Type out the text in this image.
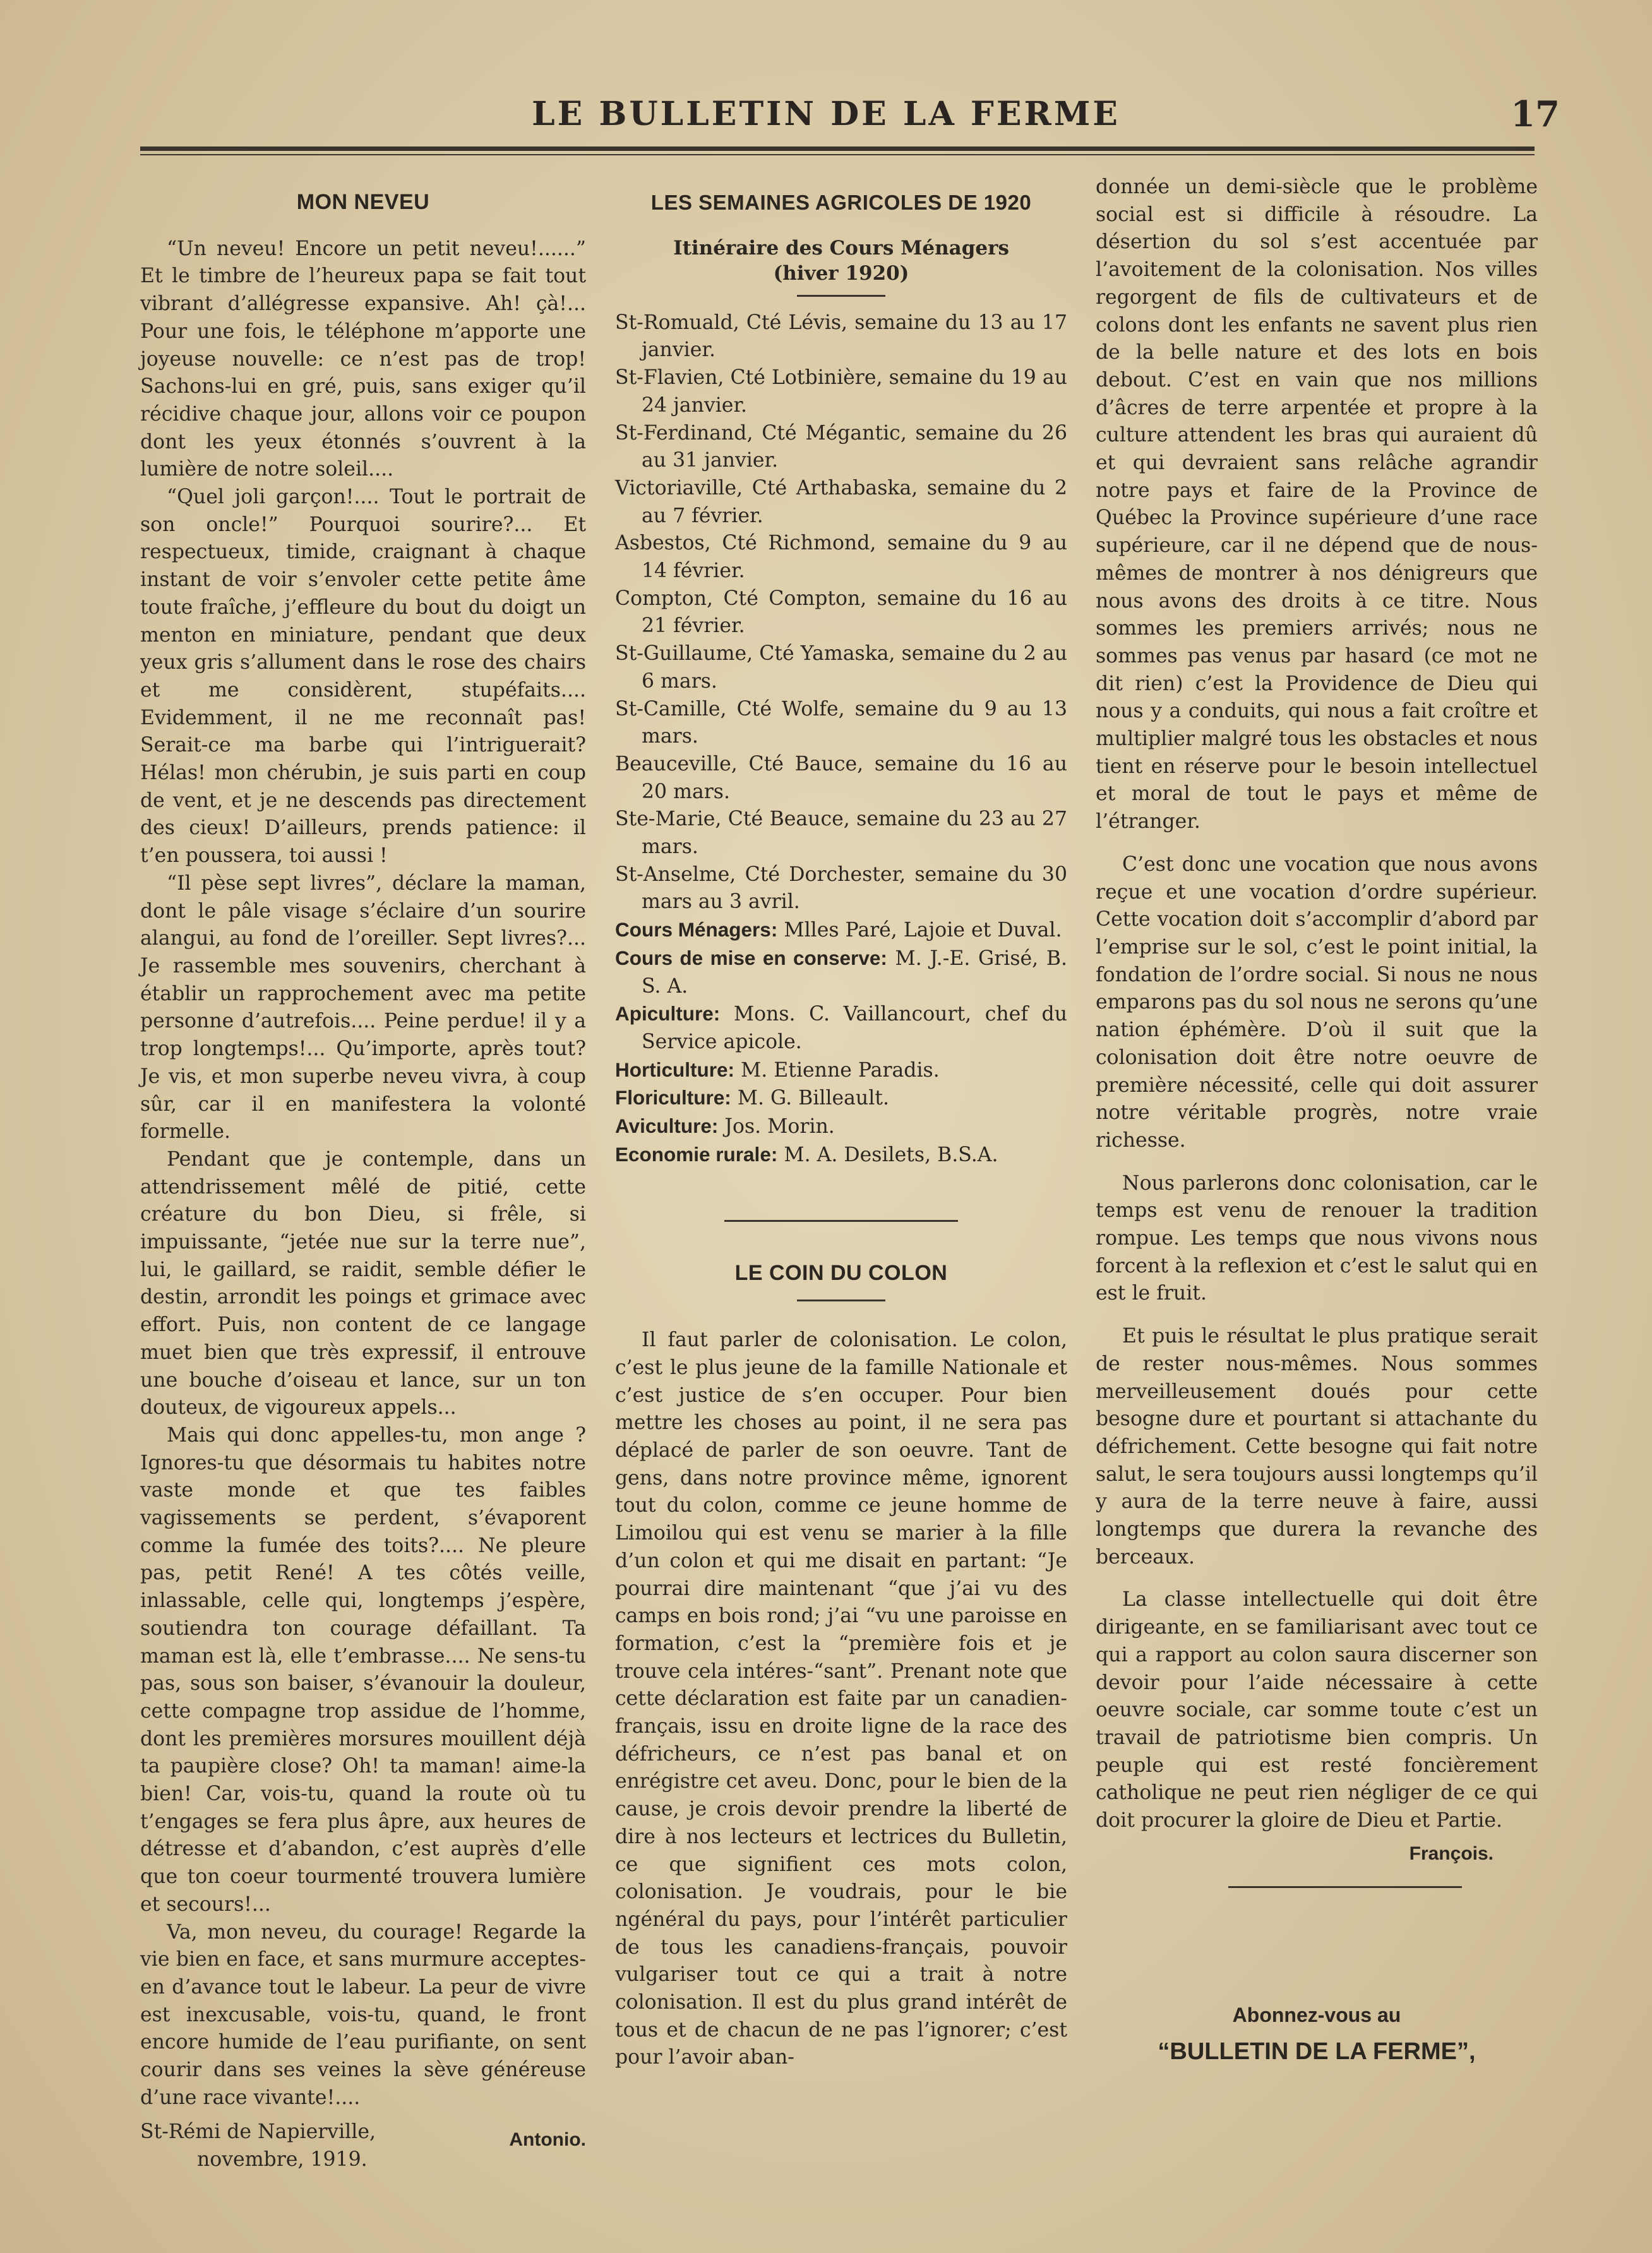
LE BULLETIN DE LA FERME	17
MON NEVEU

“Un neveu! Encore un petit neveu!......” Et le timbre de l’heureux papa se fait tout vibrant d’allégresse expansive. Ah! çà!... Pour une fois, le téléphone m’apporte une joyeuse nouvelle: ce n’est pas de trop! Sachons-lui en gré, puis, sans exiger qu’il récidive chaque jour, allons voir ce poupon dont les yeux étonnés s’ouvrent à la lumière de notre soleil....

“Quel joli garçon!.... Tout le portrait de son oncle!” Pourquoi sourire?... Et respectueux, timide, craignant à chaque instant de voir s’envoler cette petite âme toute fraîche, j’effleure du bout du doigt un menton en miniature, pendant que deux yeux gris s’allument dans le rose des chairs et me considèrent, stupéfaits.... Evidemment, il ne me reconnaît pas! Serait-ce ma barbe qui l’intriguerait? Hélas! mon chérubin, je suis parti en coup de vent, et je ne descends pas directement des cieux! D’ailleurs, prends patience: il t’en poussera, toi aussi !

“Il pèse sept livres”, déclare la maman, dont le pâle visage s’éclaire d’un sourire alangui, au fond de l’oreiller. Sept livres?... Je rassemble mes souvenirs, cherchant à établir un rapprochement avec ma petite personne d’autrefois.... Peine perdue! il y a trop longtemps!... Qu’importe, après tout? Je vis, et mon superbe neveu vivra, à coup sûr, car il en manifestera la volonté formelle.

Pendant que je contemple, dans un attendrissement mêlé de pitié, cette créature du bon Dieu, si frêle, si impuissante, “jetée nue sur la terre nue”, lui, le gaillard, se raidit, semble défier le destin, arrondit les poings et grimace avec effort. Puis, non content de ce langage muet bien que très expressif, il entrouve une bouche d’oiseau et lance, sur un ton douteux, de vigoureux appels...

Mais qui donc appelles-tu, mon ange ? Ignores-tu que désormais tu habites notre vaste monde et que tes faibles vagissements se perdent, s’évaporent comme la fumée des toits?.... Ne pleure pas, petit René! A tes côtés veille, inlassable, celle qui, longtemps j’espère, soutiendra ton courage défaillant. Ta maman est là, elle t’embrasse.... Ne sens-tu pas, sous son baiser, s’évanouir la douleur, cette compagne trop assidue de l’homme, dont les premières morsures mouillent déjà ta paupière close? Oh! ta maman! aime-la bien! Car, vois-tu, quand la route où tu t’engages se fera plus âpre, aux heures de détresse et d’abandon, c’est auprès d’elle que ton coeur tourmenté trouvera lumière et secours!...

Va, mon neveu, du courage! Regarde la vie bien en face, et sans murmure acceptes-en d’avance tout le labeur. La peur de vivre est inexcusable, vois-tu, quand, le front encore humide de l’eau purifiante, on sent courir dans ses veines la sève généreuse d’une race vivante!....

St-Rémi de Napierville,
novembre, 1919.
Antonio.
LES SEMAINES AGRICOLES DE 1920
Itinéraire des Cours Ménagers
(hiver 1920)
St-Romuald, Cté Lévis, semaine du 13 au 17 janvier.
St-Flavien, Cté Lotbinière, semaine du 19 au 24 janvier.
St-Ferdinand, Cté Mégantic, semaine du 26 au 31 janvier.
Victoriaville, Cté Arthabaska, semaine du 2 au 7 février.
Asbestos, Cté Richmond, semaine du 9 au 14 février.
Compton, Cté Compton, semaine du 16 au 21 février.
St-Guillaume, Cté Yamaska, semaine du 2 au 6 mars.
St-Camille, Cté Wolfe, semaine du 9 au 13 mars.
Beauceville, Cté Bauce, semaine du 16 au 20 mars.
Ste-Marie, Cté Beauce, semaine du 23 au 27 mars.
St-Anselme, Cté Dorchester, semaine du 30 mars au 3 avril.
Cours Ménagers: Mlles Paré, Lajoie et Duval.
Cours de mise en conserve: M. J.-E. Grisé, B. S. A.
Apiculture: Mons. C. Vaillancourt, chef du Service apicole.
Horticulture: M. Etienne Paradis.
Floriculture: M. G. Billeault.
Aviculture: Jos. Morin.
Economie rurale: M. A. Desilets, B.S.A.
LE COIN DU COLON

Il faut parler de colonisation. Le colon, c’est le plus jeune de la famille Nationale et c’est justice de s’en occuper. Pour bien mettre les choses au point, il ne sera pas déplacé de parler de son oeuvre. Tant de gens, dans notre province même, ignorent tout du colon, comme ce jeune homme de Limoilou qui est venu se marier à la fille d’un colon et qui me disait en partant: “Je pourrai dire maintenant “que j’ai vu des camps en bois rond; j’ai “vu une paroisse en formation, c’est la “première fois et je trouve cela intéres-“sant”. Prenant note que cette déclaration est faite par un canadien-français, issu en droite ligne de la race des défricheurs, ce n’est pas banal et on enrégistre cet aveu. Donc, pour le bien de la cause, je crois devoir prendre la liberté de dire à nos lecteurs et lectrices du Bulletin, ce que signifient ces mots colon, colonisation. Je voudrais, pour le bie ngénéral du pays, pour l’intérêt particulier de tous les canadiens-français, pouvoir vulgariser tout ce qui a trait à notre colonisation. Il est du plus grand intérêt de tous et de chacun de ne pas l’ignorer; c’est pour l’avoir aban-

donnée un demi-siècle que le problème social est si difficile à résoudre. La désertion du sol s’est accentuée par l’avoitement de la colonisation. Nos villes regorgent de fils de cultivateurs et de colons dont les enfants ne savent plus rien de la belle nature et des lots en bois debout. C’est en vain que nos millions d’âcres de terre arpentée et propre à la culture attendent les bras qui auraient dû et qui devraient sans relâche agrandir notre pays et faire de la Province de Québec la Province supérieure d’une race supérieure, car il ne dépend que de nous-mêmes de montrer à nos dénigreurs que nous avons des droits à ce titre. Nous sommes les premiers arrivés; nous ne sommes pas venus par hasard (ce mot ne dit rien) c’est la Providence de Dieu qui nous y a conduits, qui nous a fait croître et multiplier malgré tous les obstacles et nous tient en réserve pour le besoin intellectuel et moral de tout le pays et même de l’étranger.

C’est donc une vocation que nous avons reçue et une vocation d’ordre supérieur. Cette vocation doit s’accomplir d’abord par l’emprise sur le sol, c’est le point initial, la fondation de l’ordre social. Si nous ne nous emparons pas du sol nous ne serons qu’une nation éphémère. D’où il suit que la colonisation doit être notre oeuvre de première nécessité, celle qui doit assurer notre véritable progrès, notre vraie richesse.

Nous parlerons donc colonisation, car le temps est venu de renouer la tradition rompue. Les temps que nous vivons nous forcent à la reflexion et c’est le salut qui en est le fruit.

Et puis le résultat le plus pratique serait de rester nous-mêmes. Nous sommes merveilleusement doués pour cette besogne dure et pourtant si attachante du défrichement. Cette besogne qui fait notre salut, le sera toujours aussi longtemps qu’il y aura de la terre neuve à faire, aussi longtemps que durera la revanche des berceaux.

La classe intellectuelle qui doit être dirigeante, en se familiarisant avec tout ce qui a rapport au colon saura discerner son devoir pour l’aide nécessaire à cette oeuvre sociale, car somme toute c’est un travail de patriotisme bien compris. Un peuple qui est resté foncièrement catholique ne peut rien négliger de ce qui doit procurer la gloire de Dieu et Partie.

François.
Abonnez-vous au
“BULLETIN DE LA FERME”,
